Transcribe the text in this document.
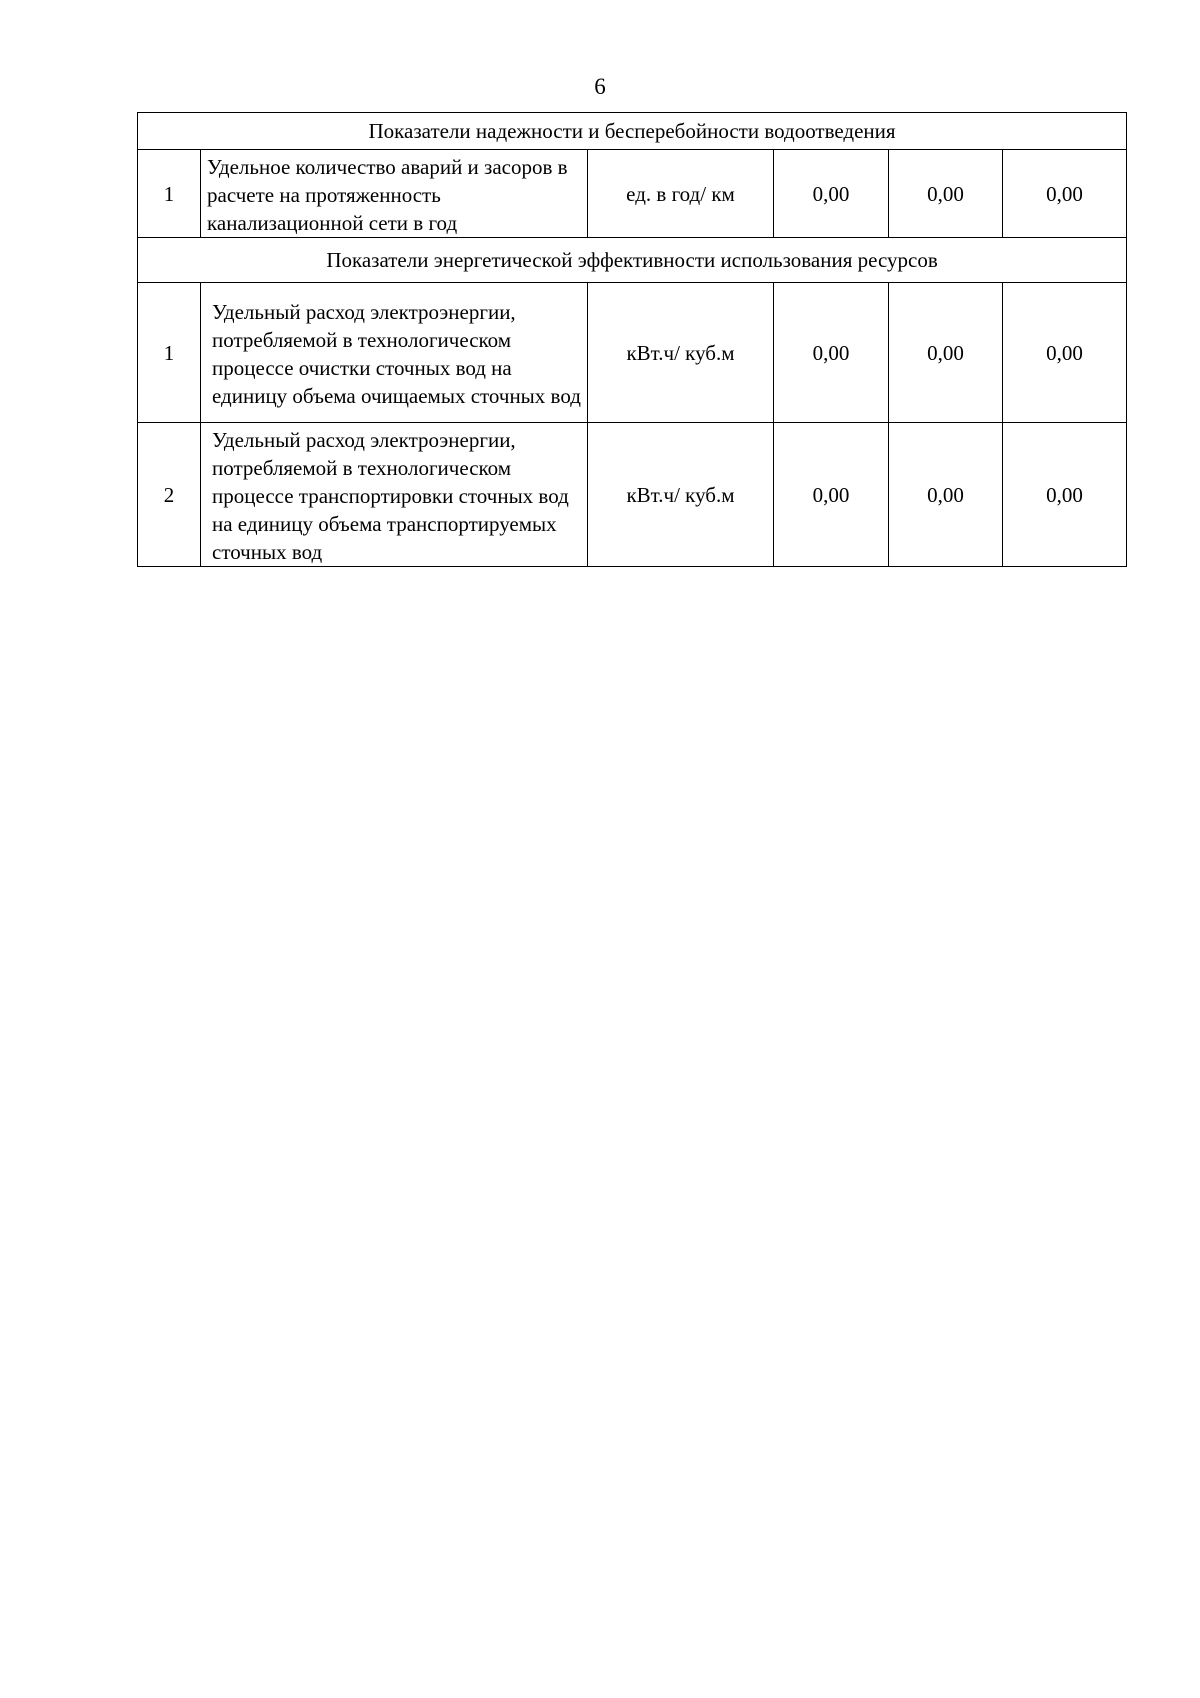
6
Показатели надежности и бесперебойности водоотведения					
1	Удельное количество аварий и засоров в расчете на протяженность канализационной сети в год	ед. в год/ км	0,00	0,00	0,00
Показатели энергетической эффективности использования ресурсов					
1	Удельный расход электроэнергии, потребляемой в технологическом процессе очистки сточных вод на единицу объема очищаемых сточных вод	кВт.ч/ куб.м	0,00	0,00	0,00
2	Удельный расход электроэнергии, потребляемой в технологическом процессе транспортировки сточных вод на единицу объема транспортируемых сточных вод	кВт.ч/ куб.м	0,00	0,00	0,00
